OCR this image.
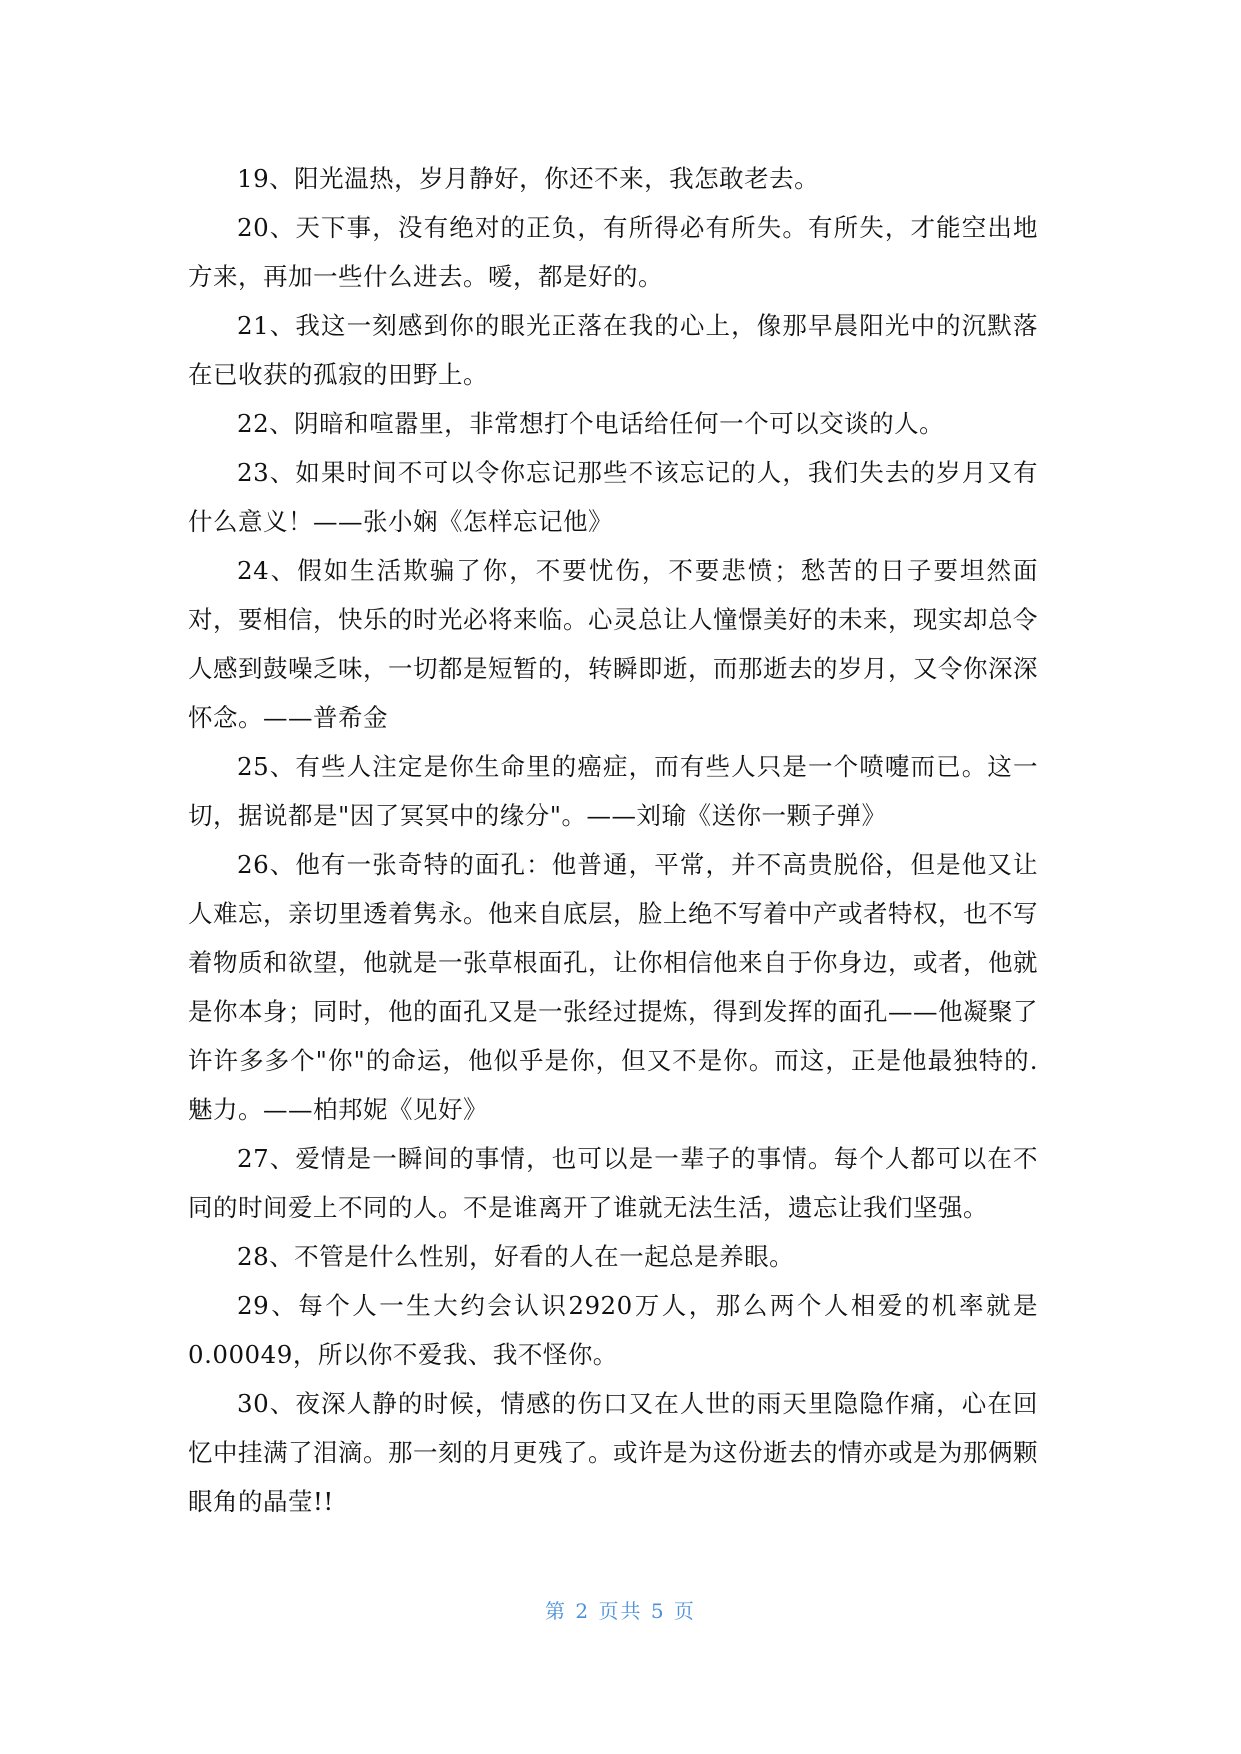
19、阳光温热，岁月静好，你还不来，我怎敢老去。

20、天下事，没有绝对的正负，有所得必有所失。有所失，才能空出地方来，再加一些什么进去。嗳，都是好的。

21、我这一刻感到你的眼光正落在我的心上，像那早晨阳光中的沉默落在已收获的孤寂的田野上。

22、阴暗和喧嚣里，非常想打个电话给任何一个可以交谈的人。

23、如果时间不可以令你忘记那些不该忘记的人，我们失去的岁月又有什么意义！——张小娴《怎样忘记他》

24、假如生活欺骗了你，不要忧伤，不要悲愤；愁苦的日子要坦然面对，要相信，快乐的时光必将来临。心灵总让人憧憬美好的未来，现实却总令人感到鼓噪乏味，一切都是短暂的，转瞬即逝，而那逝去的岁月，又令你深深怀念。——普希金

25、有些人注定是你生命里的癌症，而有些人只是一个喷嚏而已。这一切，据说都是"因了冥冥中的缘分"。——刘瑜《送你一颗子弹》

26、他有一张奇特的面孔：他普通，平常，并不高贵脱俗，但是他又让人难忘，亲切里透着隽永。他来自底层，脸上绝不写着中产或者特权，也不写着物质和欲望，他就是一张草根面孔，让你相信他来自于你身边，或者，他就是你本身；同时，他的面孔又是一张经过提炼，得到发挥的面孔——他凝聚了许许多多个"你"的命运，他似乎是你，但又不是你。而这，正是他最独特的.魅力。——柏邦妮《见好》

27、爱情是一瞬间的事情，也可以是一辈子的事情。每个人都可以在不同的时间爱上不同的人。不是谁离开了谁就无法生活，遗忘让我们坚强。

28、不管是什么性别，好看的人在一起总是养眼。

29、每个人一生大约会认识2920万人，那么两个人相爱的机率就是0.00049，所以你不爱我、我不怪你。

30、夜深人静的时候，情感的伤口又在人世的雨天里隐隐作痛，心在回忆中挂满了泪滴。那一刻的月更残了。或许是为这份逝去的情亦或是为那俩颗眼角的晶莹!!

第 2 页共 5 页
